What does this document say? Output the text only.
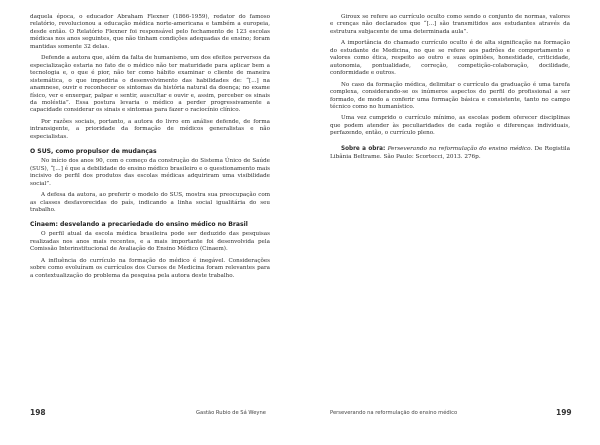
daquela época, o educador Abraham Flexner (1866-1959), redator do famoso relatório, revolucionou a educação médica norte-americana e também a europeia, desde então. O Relatório Flexner foi responsável pelo fechamento de 123 escolas médicas nos anos seguintes, que não tinham condições adequadas de ensino; foram mantidas somente 32 delas.

Defende a autora que, além da falta de humanismo, um dos efeitos perversos da especialização estaria no fato de o médico não ter maturidade para aplicar bem a tecnologia e, o que é pior, não ter como hábito examinar o cliente de maneira sistemática, o que impediria o desenvolvimento das habilidades de: “[...] na anamnese, ouvir e reconhecer os sintomas da história natural da doença; no exame físico, ver e enxergar, palpar e sentir, auscultar e ouvir e, assim, perceber os sinais da moléstia”. Essa postura levaria o médico a perder progressivamente a capacidade considerar os sinais e sintomas para fazer o raciocínio clínico.

Por razões sociais, portanto, a autora do livro em análise defende, de forma intransigente, a prioridade da formação de médicos generalistas e não especialistas.

O SUS, como propulsor de mudanças

No início dos anos 90, com o começo da construção do Sistema Único de Saúde (SUS), “[...] é que a debilidade do ensino médico brasileiro e o questionamento mais incisivo do perfil dos produtos das escolas médicas adquiriram uma visibilidade social”.

A defesa da autora, ao preferir o modelo do SUS, mostra sua preocupação com as classes desfavorecidas do país, indicando a linha social igualitária do seu trabalho.

Cinaem: desvelando a precariedade do ensino médico no Brasil

O perfil atual da escola médica brasileira pode ser deduzido das pesquisas realizadas nos anos mais recentes, e a mais importante foi desenvolvida pela Comissão Interinstitucional de Avaliação do Ensino Médico (Cinaem).

A influência do currículo na formação do médico é inegável. Considerações sobre como evoluíram os currículos dos Cursos de Medicina foram relevantes para a contextualização do problema da pesquisa pela autora deste trabalho.

198	Gastão Rubio de Sá Weyne

Giroux se refere ao currículo oculto como sendo o conjunto de normas, valores e crenças não declarados que “[...] são transmitidos aos estudantes através da estrutura subjacente de uma determinada aula”.

A importância do chamado currículo oculto é de alta significação na formação do estudante de Medicina, no que se refere aos padrões de comportamento e valores como ética, respeito ao outro e suas opiniões, honestidade, criticidade, autonomia, pontualidade, correção, competição-colaboração, docilidade, conformidade e outros.

No caso da formação médica, delimitar o currículo da graduação é uma tarefa complexa, considerando-se os inúmeros aspectos do perfil do profissional a ser formado, de modo a conferir uma formação básica e consistente, tanto no campo técnico como no humanístico.

Uma vez cumprido o currículo mínimo, as escolas podem oferecer disciplinas que podem atender às peculiaridades de cada região e diferenças individuais, perfazendo, então, o currículo pleno.

Sobre a obra: Perseverando na reformulação do ensino médico. De Registila Libânia Beltrame. São Paulo: Scortecci, 2013. 276p.

Perseverando na reformulação do ensino médico	199
